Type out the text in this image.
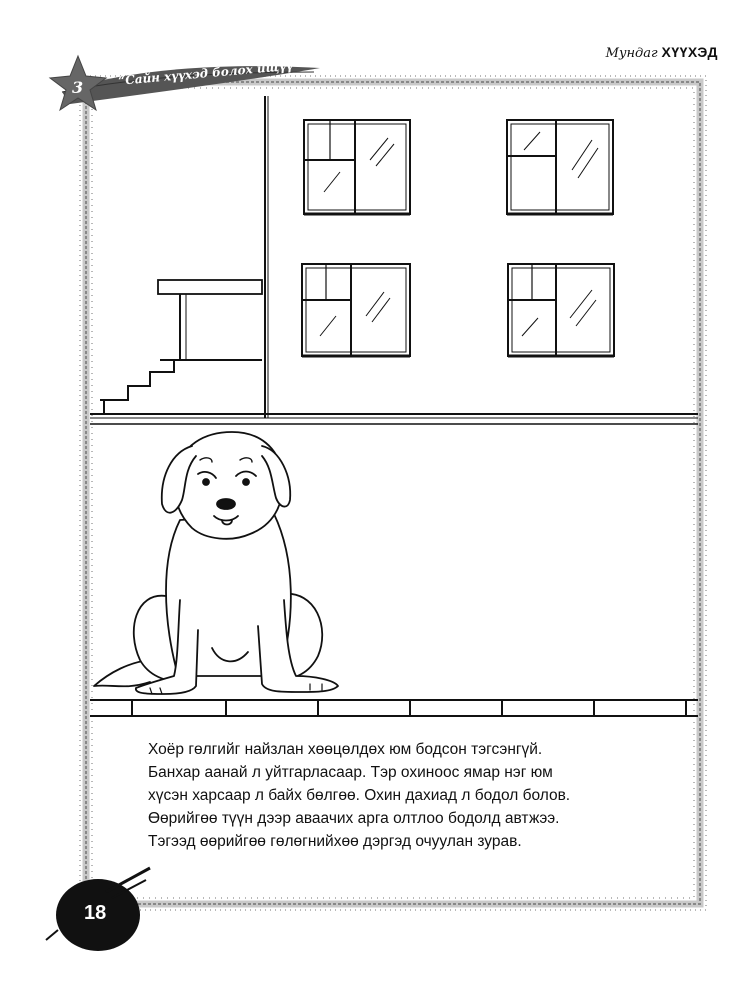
Мундаг ХҮҮХЭД
3	“Сайн хүүхэд болох ищүү”
Хоёр гөлгийг найзлан хөөцөлдөх юм бодсон тэгсэнгүй.
Банхар аанай л уйтгарласаар. Тэр охиноос ямар нэг юм
хүсэн харсаар л байх бөлгөө. Охин дахиад л бодол болов.
Өөрийгөө түүн дээр аваачих арга олтлоо бодолд автжээ.
Тэгээд өөрийгөө гөлөгнийхөө дэргэд очуулан зурав.
18
